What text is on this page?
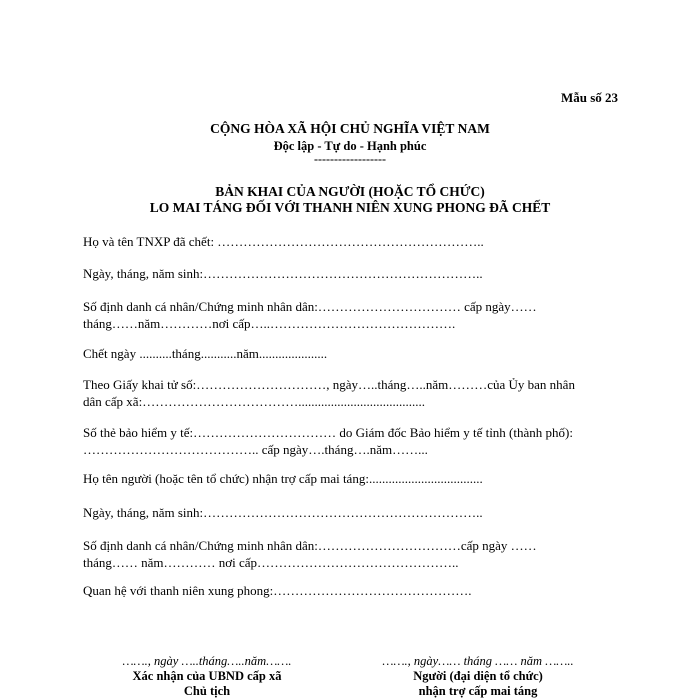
Mẫu số 23
CỘNG HÒA XÃ HỘI CHỦ NGHĨA VIỆT NAM
Độc lập - Tự do - Hạnh phúc
------------------
BẢN KHAI CỦA NGƯỜI (HOẶC TỔ CHỨC)
LO MAI TÁNG ĐỐI VỚI THANH NIÊN XUNG PHONG ĐÃ CHẾT
Họ và tên TNXP đã chết: ……………………………………………………..
Ngày, tháng, năm sinh:………………………………………………………..
Số định danh cá nhân/Chứng minh nhân dân:…………………………… cấp ngày……
tháng……năm…………nơi cấp…..…………………………………….
Chết ngày ..........tháng...........năm.....................
Theo Giấy khai tử số:…………………………, ngày…..tháng…..năm………của Ủy ban nhân
dân cấp xã:……………………………….......................................
Số thẻ bảo hiểm y tế:…………………………… do Giám đốc Bảo hiểm y tế tỉnh (thành phố):
………………………………….. cấp ngày….tháng….năm……...
Họ tên người (hoặc tên tổ chức) nhận trợ cấp mai táng:...................................
Ngày, tháng, năm sinh:………………………………………………………..
Số định danh cá nhân/Chứng minh nhân dân:……………………………cấp ngày ……
tháng…… năm………… nơi cấp………………………………………..
Quan hệ với thanh niên xung phong:……………………………………….
……., ngày …..tháng…..năm…….
Xác nhận của UBND cấp xã
Chủ tịch
……., ngày…… tháng …… năm ……..
Người (đại diện tổ chức)
nhận trợ cấp mai táng
